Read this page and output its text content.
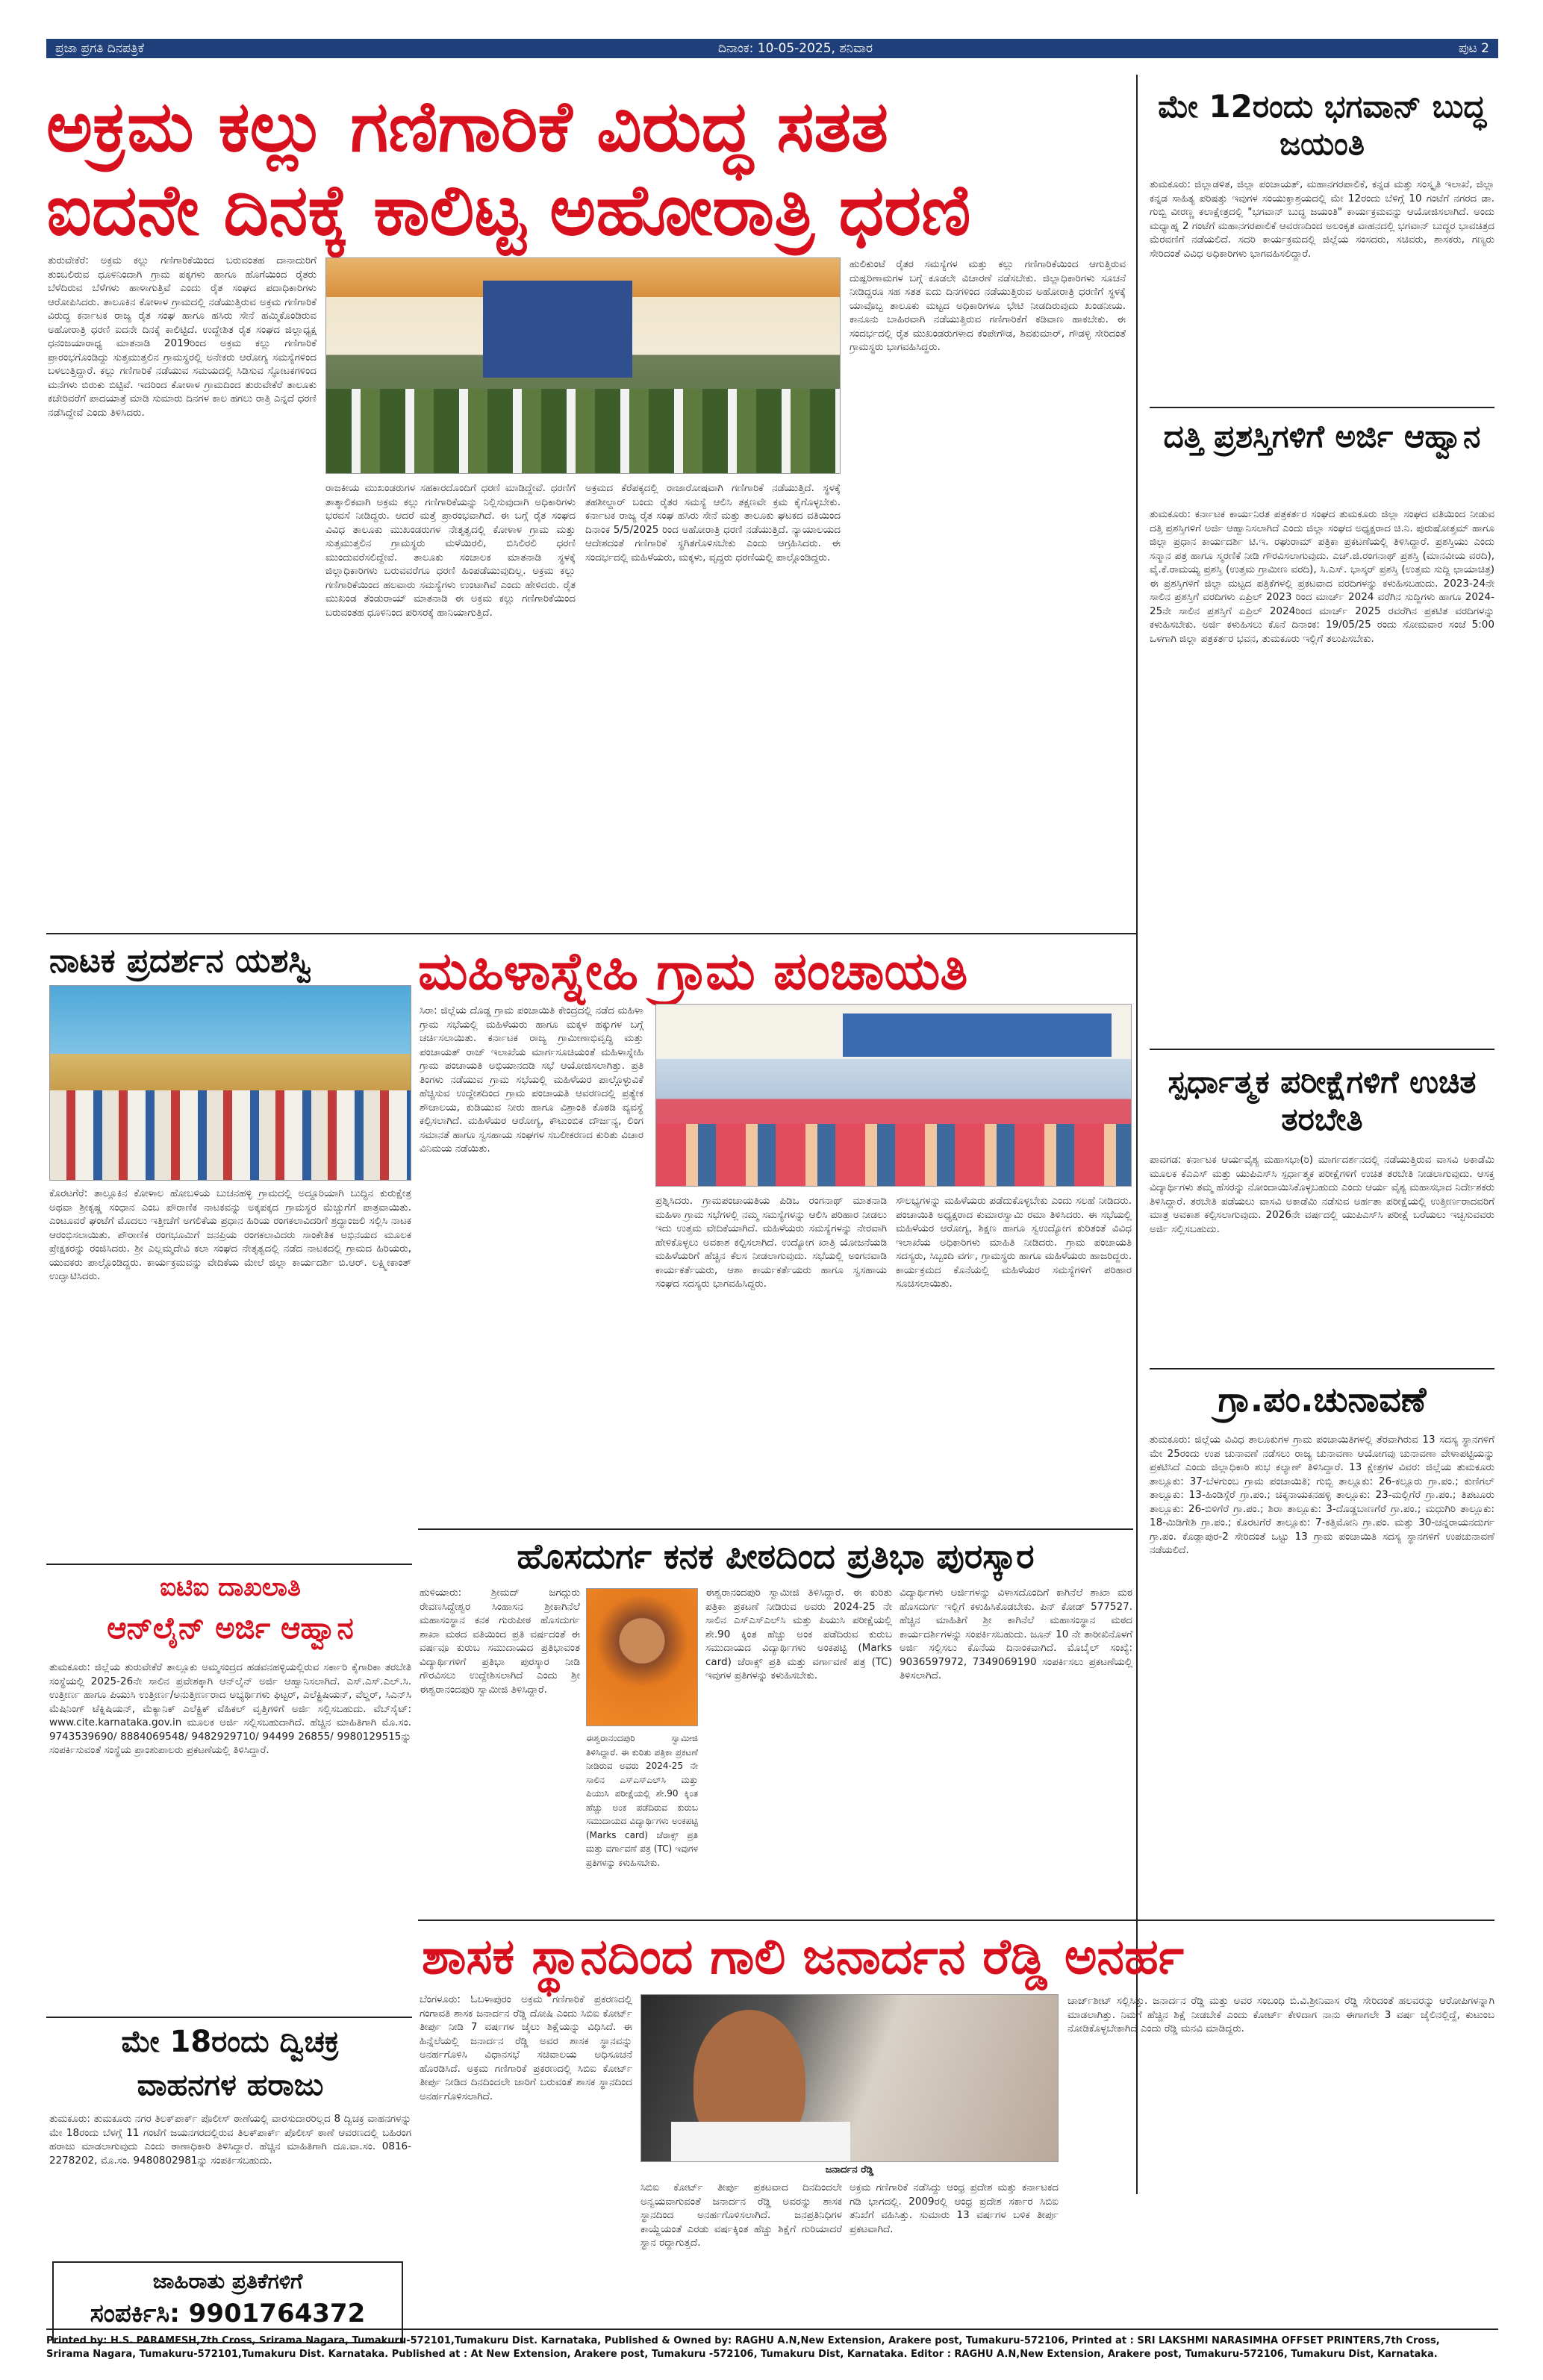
ಪ್ರಜಾ ಪ್ರಗತಿ ದಿನಪತ್ರಿಕೆ	ದಿನಾಂಕ: 10-05-2025, ಶನಿವಾರ	ಪುಟ 2
ಅಕ್ರಮ ಕಲ್ಲು ಗಣಿಗಾರಿಕೆ ವಿರುದ್ಧ ಸತತ
ಐದನೇ ದಿನಕ್ಕೆ ಕಾಲಿಟ್ಟ ಅಹೋರಾತ್ರಿ ಧರಣಿ
ತುರುವೇಕೆರೆ: ಅಕ್ರಮ ಕಲ್ಲು ಗಣಿಗಾರಿಕೆಯಿಂದ ಬರುವಂತಹ ದಾನಾದುರಿಗೆ ತುಂಬಲಿರುವ ಧೂಳಿನಿಂದಾಗಿ ಗ್ರಾಮ ಪಕ್ಕಗಳು ಹಾಗೂ ಹೊಗೆಯಿಂದ ರೈತರು ಬೆಳೆದಿರುವ ಬೆಳೆಗಳು ಹಾಳಾಗುತ್ತಿವೆ ಎಂದು ರೈತ ಸಂಘದ ಪದಾಧಿಕಾರಿಗಳು ಆರೋಪಿಸಿದರು. ತಾಲೂಕಿನ ಕೋಳಾಳ ಗ್ರಾಮದಲ್ಲಿ ನಡೆಯುತ್ತಿರುವ ಅಕ್ರಮ ಗಣಿಗಾರಿಕೆ ವಿರುದ್ಧ ಕರ್ನಾಟಕ ರಾಜ್ಯ ರೈತ ಸಂಘ ಹಾಗೂ ಹಸಿರು ಸೇನೆ ಹಮ್ಮಿಕೊಂಡಿರುವ ಅಹೋರಾತ್ರಿ ಧರಣಿ ಐದನೇ ದಿನಕ್ಕೆ ಕಾಲಿಟ್ಟಿದೆ. ಉದ್ದೇಶಿತ ರೈತ ಸಂಘದ ಜಿಲ್ಲಾಧ್ಯಕ್ಷ ಧನಂಜಯಾರಾಧ್ಯ ಮಾತನಾಡಿ 2019ರಿಂದ ಅಕ್ರಮ ಕಲ್ಲು ಗಣಿಗಾರಿಕೆ ಪ್ರಾರಂಭಗೊಂಡಿದ್ದು ಸುತ್ತಮುತ್ತಲಿನ ಗ್ರಾಮಸ್ಥರಲ್ಲಿ ಅನೇಕರು ಆರೋಗ್ಯ ಸಮಸ್ಯೆಗಳಿಂದ ಬಳಲುತ್ತಿದ್ದಾರೆ. ಕಲ್ಲು ಗಣಿಗಾರಿಕೆ ನಡೆಯುವ ಸಮಯದಲ್ಲಿ ಸಿಡಿಸುವ ಸ್ಫೋಟಕಗಳಿಂದ ಮನೆಗಳು ಬಿರುಕು ಬಿಟ್ಟಿವೆ. ಇದರಿಂದ ಕೋಳಾಳ ಗ್ರಾಮದಿಂದ ತುರುವೇಕೆರೆ ತಾಲೂಕು ಕಚೇರಿವರೆಗೆ ಪಾದಯಾತ್ರೆ ಮಾಡಿ ಸುಮಾರು ದಿನಗಳ ಕಾಲ ಹಗಲು ರಾತ್ರಿ ಎನ್ನದೆ ಧರಣಿ ನಡೆಸಿದ್ದೇವೆ ಎಂದು ತಿಳಿಸಿದರು.
ರಾಜಕೀಯ ಮುಖಂಡರುಗಳ ಸಹಕಾರದೊಂದಿಗೆ ಧರಣಿ ಮಾಡಿದ್ದೇವೆ. ಧರಣಿಗೆ ತಾತ್ಕಾಲಿಕವಾಗಿ ಅಕ್ರಮ ಕಲ್ಲು ಗಣಿಗಾರಿಕೆಯನ್ನು ನಿಲ್ಲಿಸುವುದಾಗಿ ಅಧಿಕಾರಿಗಳು ಭರವಸೆ ನೀಡಿದ್ದರು. ಆದರೆ ಮತ್ತೆ ಪ್ರಾರಂಭವಾಗಿದೆ. ಈ ಬಗ್ಗೆ ರೈತ ಸಂಘದ ವಿವಿಧ ತಾಲೂಕು ಮುಖಂಡರುಗಳ ನೇತೃತ್ವದಲ್ಲಿ ಕೋಳಾಳ ಗ್ರಾಮ ಮತ್ತು ಸುತ್ತಮುತ್ತಲಿನ ಗ್ರಾಮಸ್ಥರು ಮಳೆಯಿರಲಿ, ಬಿಸಿಲಿರಲಿ ಧರಣಿ ಮುಂದುವರೆಸಲಿದ್ದೇವೆ. ತಾಲೂಕು ಸಂಚಾಲಕ ಮಾತನಾಡಿ ಸ್ಥಳಕ್ಕೆ ಜಿಲ್ಲಾಧಿಕಾರಿಗಳು ಬರುವವರೆಗೂ ಧರಣಿ ಹಿಂಪಡೆಯುವುದಿಲ್ಲ. ಅಕ್ರಮ ಕಲ್ಲು ಗಣಿಗಾರಿಕೆಯಿಂದ ಹಲವಾರು ಸಮಸ್ಯೆಗಳು ಉಂಟಾಗಿವೆ ಎಂದು ಹೇಳಿದರು. ರೈತ ಮುಖಂಡ ತೆಂಡುರಾಯ್ ಮಾತನಾಡಿ ಈ ಅಕ್ರಮ ಕಲ್ಲು ಗಣಿಗಾರಿಕೆಯಿಂದ ಬರುವಂತಹ ಧೂಳಿನಿಂದ ಪರಿಸರಕ್ಕೆ ಹಾನಿಯಾಗುತ್ತಿದೆ.
ಅಕ್ರಮದ ಕೆರೆಪಕ್ಕದಲ್ಲಿ ರಾಜಾರೋಷವಾಗಿ ಗಣಿಗಾರಿಕೆ ನಡೆಯುತ್ತಿದೆ. ಸ್ಥಳಕ್ಕೆ ತಹಶೀಲ್ದಾರ್ ಬಂದು ರೈತರ ಸಮಸ್ಯೆ ಆಲಿಸಿ ತಕ್ಷಣವೇ ಕ್ರಮ ಕೈಗೊಳ್ಳಬೇಕು. ಕರ್ನಾಟಕ ರಾಜ್ಯ ರೈತ ಸಂಘ ಹಸಿರು ಸೇನೆ ಮತ್ತು ತಾಲೂಕು ಘಟಕದ ವತಿಯಿಂದ ದಿನಾಂಕ 5/5/2025 ರಿಂದ ಅಹೋರಾತ್ರಿ ಧರಣಿ ನಡೆಯುತ್ತಿದೆ. ನ್ಯಾಯಾಲಯದ ಆದೇಶದಂತೆ ಗಣಿಗಾರಿಕೆ ಸ್ಥಗಿತಗೊಳಿಸಬೇಕು ಎಂದು ಆಗ್ರಹಿಸಿದರು. ಈ ಸಂದರ್ಭದಲ್ಲಿ ಮಹಿಳೆಯರು, ಮಕ್ಕಳು, ವೃದ್ಧರು ಧರಣಿಯಲ್ಲಿ ಪಾಲ್ಗೊಂಡಿದ್ದರು.
ಹುಲಿಕುಂಟೆ ರೈತರ ಸಮಸ್ಯೆಗಳ ಮತ್ತು ಕಲ್ಲು ಗಣಿಗಾರಿಕೆಯಿಂದ ಆಗುತ್ತಿರುವ ದುಷ್ಪರಿಣಾಮಗಳ ಬಗ್ಗೆ ಕೂಡಲೇ ವಿಚಾರಣೆ ನಡೆಸಬೇಕು. ಜಿಲ್ಲಾಧಿಕಾರಿಗಳು ಸೂಚನೆ ನೀಡಿದ್ದರೂ ಸಹ ಸತತ ಐದು ದಿನಗಳಿಂದ ನಡೆಯುತ್ತಿರುವ ಅಹೋರಾತ್ರಿ ಧರಣಿಗೆ ಸ್ಥಳಕ್ಕೆ ಯಾವೊಬ್ಬ ತಾಲೂಕು ಮಟ್ಟದ ಅಧಿಕಾರಿಗಳೂ ಭೇಟಿ ನೀಡದಿರುವುದು ಖಂಡನೀಯ. ಕಾನೂನು ಬಾಹಿರವಾಗಿ ನಡೆಯುತ್ತಿರುವ ಗಣಿಗಾರಿಕೆಗೆ ಕಡಿವಾಣ ಹಾಕಬೇಕು. ಈ ಸಂದರ್ಭದಲ್ಲಿ ರೈತ ಮುಖಂಡರುಗಳಾದ ಕೆಂಪೇಗೌಡ, ಶಿವಕುಮಾರ್, ಗೌಡಳ್ಳಿ ಸೇರಿದಂತೆ ಗ್ರಾಮಸ್ಥರು ಭಾಗವಹಿಸಿದ್ದರು.
ಮೇ 12ರಂದು ಭಗವಾನ್ ಬುದ್ಧ ಜಯಂತಿ
ತುಮಕೂರು: ಜಿಲ್ಲಾಡಳಿತ, ಜಿಲ್ಲಾ ಪಂಚಾಯತ್, ಮಹಾನಗರಪಾಲಿಕೆ, ಕನ್ನಡ ಮತ್ತು ಸಂಸ್ಕೃತಿ ಇಲಾಖೆ, ಜಿಲ್ಲಾ ಕನ್ನಡ ಸಾಹಿತ್ಯ ಪರಿಷತ್ತು ಇವುಗಳ ಸಂಯುಕ್ತಾಶ್ರಯದಲ್ಲಿ ಮೇ 12ರಂದು ಬೆಳಿಗ್ಗೆ 10 ಗಂಟೆಗೆ ನಗರದ ಡಾ. ಗುಬ್ಬಿ ವೀರಣ್ಣ ಕಲಾಕ್ಷೇತ್ರದಲ್ಲಿ "ಭಗವಾನ್ ಬುದ್ಧ ಜಯಂತಿ" ಕಾರ್ಯಕ್ರಮವನ್ನು ಆಯೋಜಿಸಲಾಗಿದೆ. ಅಂದು ಮಧ್ಯಾಹ್ನ 2 ಗಂಟೆಗೆ ಮಹಾನಗರಪಾಲಿಕೆ ಆವರಣದಿಂದ ಅಲಂಕೃತ ವಾಹನದಲ್ಲಿ ಭಗವಾನ್ ಬುದ್ಧರ ಭಾವಚಿತ್ರದ ಮೆರವಣಿಗೆ ನಡೆಯಲಿದೆ. ಸದರಿ ಕಾರ್ಯಕ್ರಮದಲ್ಲಿ ಜಿಲ್ಲೆಯ ಸಂಸದರು, ಸಚಿವರು, ಶಾಸಕರು, ಗಣ್ಯರು ಸೇರಿದಂತೆ ವಿವಿಧ ಅಧಿಕಾರಿಗಳು ಭಾಗವಹಿಸಲಿದ್ದಾರೆ.
ದತ್ತಿ ಪ್ರಶಸ್ತಿಗಳಿಗೆ ಅರ್ಜಿ ಆಹ್ವಾನ
ತುಮಕೂರು: ಕರ್ನಾಟಕ ಕಾರ್ಯನಿರತ ಪತ್ರಕರ್ತರ ಸಂಘದ ತುಮಕೂರು ಜಿಲ್ಲಾ ಸಂಘದ ವತಿಯಿಂದ ನೀಡುವ ದತ್ತಿ ಪ್ರಶಸ್ತಿಗಳಿಗೆ ಅರ್ಜಿ ಆಹ್ವಾನಿಸಲಾಗಿದೆ ಎಂದು ಜಿಲ್ಲಾ ಸಂಘದ ಅಧ್ಯಕ್ಷರಾದ ಚಿ.ನಿ. ಪುರುಷೋತ್ತಮ್ ಹಾಗೂ ಜಿಲ್ಲಾ ಪ್ರಧಾನ ಕಾರ್ಯದರ್ಶಿ ಟಿ.ಇ. ರಘುರಾಮ್ ಪತ್ರಿಕಾ ಪ್ರಕಟಣೆಯಲ್ಲಿ ತಿಳಿಸಿದ್ದಾರೆ. ಪ್ರಶಸ್ತಿಯು ಎಂದು ಸನ್ಮಾನ ಪತ್ರ ಹಾಗೂ ಸ್ಮರಣಿಕೆ ನೀಡಿ ಗೌರವಿಸಲಾಗುವುದು. ಎಚ್.ಜಿ.ರಂಗನಾಥ್ ಪ್ರಶಸ್ತಿ (ಮಾನವೀಯ ವರದಿ), ವೈ.ಕೆ.ರಾಮಯ್ಯ ಪ್ರಶಸ್ತಿ (ಉತ್ತಮ ಗ್ರಾಮೀಣ ವರದಿ), ಸಿ.ಎಸ್. ಭಾಸ್ಕರ್ ಪ್ರಶಸ್ತಿ (ಉತ್ತಮ ಸುದ್ದಿ ಛಾಯಾಚಿತ್ರ) ಈ ಪ್ರಶಸ್ತಿಗಳಿಗೆ ಜಿಲ್ಲಾ ಮಟ್ಟದ ಪತ್ರಿಕೆಗಳಲ್ಲಿ ಪ್ರಕಟವಾದ ವರದಿಗಳನ್ನು ಕಳುಹಿಸಬಹುದು. 2023-24ನೇ ಸಾಲಿನ ಪ್ರಶಸ್ತಿಗೆ ವರದಿಗಳು ಏಪ್ರಿಲ್ 2023 ರಿಂದ ಮಾರ್ಚ್ 2024 ವರೆಗಿನ ಸುದ್ದಿಗಳು ಹಾಗೂ 2024-25ನೇ ಸಾಲಿನ ಪ್ರಶಸ್ತಿಗೆ ಏಪ್ರಿಲ್ 2024ರಿಂದ ಮಾರ್ಚ್ 2025 ರವರೆಗಿನ ಪ್ರಕಟಿತ ವರದಿಗಳನ್ನು ಕಳುಹಿಸಬೇಕು. ಅರ್ಜಿ ಕಳುಹಿಸಲು ಕೊನೆ ದಿನಾಂಕ: 19/05/25 ರಂದು ಸೋಮವಾರ ಸಂಜೆ 5:00 ಒಳಗಾಗಿ ಜಿಲ್ಲಾ ಪತ್ರಕರ್ತರ ಭವನ, ತುಮಕೂರು ಇಲ್ಲಿಗೆ ತಲುಪಿಸಬೇಕು.
ಸ್ಪರ್ಧಾತ್ಮಕ ಪರೀಕ್ಷೆಗಳಿಗೆ ಉಚಿತ ತರಬೇತಿ
ಪಾವಗಡ: ಕರ್ನಾಟಕ ಆರ್ಯವೈಶ್ಯ ಮಹಾಸಭಾ(ರಿ) ಮಾರ್ಗದರ್ಶನದಲ್ಲಿ ನಡೆಯುತ್ತಿರುವ ವಾಸವಿ ಅಕಾಡೆಮಿ ಮೂಲಕ ಕೆಎಎಸ್ ಮತ್ತು ಯುಪಿಎಸ್‌ಸಿ ಸ್ಪರ್ಧಾತ್ಮಕ ಪರೀಕ್ಷೆಗಳಿಗೆ ಉಚಿತ ತರಬೇತಿ ನೀಡಲಾಗುವುದು. ಆಸಕ್ತ ವಿದ್ಯಾರ್ಥಿಗಳು ತಮ್ಮ ಹೆಸರನ್ನು ನೋಂದಾಯಿಸಿಕೊಳ್ಳಬಹುದು ಎಂದು ಆರ್ಯ ವೈಶ್ಯ ಮಹಾಸಭಾದ ನಿರ್ದೇಶಕರು ತಿಳಿಸಿದ್ದಾರೆ. ತರಬೇತಿ ಪಡೆಯಲು ವಾಸವಿ ಅಕಾಡೆಮಿ ನಡೆಸುವ ಅರ್ಹತಾ ಪರೀಕ್ಷೆಯಲ್ಲಿ ಉತ್ತೀರ್ಣರಾದವರಿಗೆ ಮಾತ್ರ ಅವಕಾಶ ಕಲ್ಪಿಸಲಾಗುವುದು. 2026ನೇ ವರ್ಷದಲ್ಲಿ ಯುಪಿಎಸ್‌ಸಿ ಪರೀಕ್ಷೆ ಬರೆಯಲು ಇಚ್ಛಿಸುವವರು ಅರ್ಜಿ ಸಲ್ಲಿಸಬಹುದು.
ಗ್ರಾ.ಪಂ.ಚುನಾವಣೆ
ತುಮಕೂರು: ಜಿಲ್ಲೆಯ ವಿವಿಧ ತಾಲೂಕುಗಳ ಗ್ರಾಮ ಪಂಚಾಯಿತಿಗಳಲ್ಲಿ ತೆರವಾಗಿರುವ 13 ಸದಸ್ಯ ಸ್ಥಾನಗಳಿಗೆ ಮೇ 25ರಂದು ಉಪ ಚುನಾವಣೆ ನಡೆಸಲು ರಾಜ್ಯ ಚುನಾವಣಾ ಆಯೋಗವು ಚುನಾವಣಾ ವೇಳಾಪಟ್ಟಿಯನ್ನು ಪ್ರಕಟಿಸಿದೆ ಎಂದು ಜಿಲ್ಲಾಧಿಕಾರಿ ಶುಭ ಕಲ್ಯಾಣ್ ತಿಳಿಸಿದ್ದಾರೆ. 13 ಕ್ಷೇತ್ರಗಳ ವಿವರ: ಜಿಲ್ಲೆಯ ತುಮಕೂರು ತಾಲ್ಲೂಕು: 37-ಬೆಳಗುಂಬ ಗ್ರಾಮ ಪಂಚಾಯಿತಿ; ಗುಬ್ಬಿ ತಾಲ್ಲೂಕು: 26-ಕಲ್ಲೂರು ಗ್ರಾ.ಪಂ.; ಕುಣಿಗಲ್ ತಾಲ್ಲೂಕು: 13-ಹಿಂಡಿಸ್ಗೆರೆ ಗ್ರಾ.ಪಂ.; ಚಿಕ್ಕನಾಯಕನಹಳ್ಳಿ ತಾಲ್ಲೂಕು: 23-ಮಲ್ಲಿಗೆರೆ ಗ್ರಾ.ಪಂ.; ತಿಪಟೂರು ತಾಲ್ಲೂಕು: 26-ಬಿಳಿಗೆರೆ ಗ್ರಾ.ಪಂ.; ಶಿರಾ ತಾಲ್ಲೂಕು: 3-ದೊಡ್ಡಬಾಣಗೆರೆ ಗ್ರಾ.ಪಂ.; ಮಧುಗಿರಿ ತಾಲ್ಲೂಕು: 18-ಮಿಡಿಗೇಶಿ ಗ್ರಾ.ಪಂ.; ಕೊರಟಗೆರೆ ತಾಲ್ಲೂಕು: 7-ಕತ್ತಿಮೋನಿ ಗ್ರಾ.ಪಂ. ಮತ್ತು 30-ಚನ್ನರಾಯನದುರ್ಗ ಗ್ರಾ.ಪಂ. ಕೊಡ್ಲಾಪುರ-2 ಸೇರಿದಂತೆ ಒಟ್ಟು 13 ಗ್ರಾಮ ಪಂಚಾಯಿತಿ ಸದಸ್ಯ ಸ್ಥಾನಗಳಿಗೆ ಉಪಚುನಾವಣೆ ನಡೆಯಲಿದೆ.
ನಾಟಕ ಪ್ರದರ್ಶನ ಯಶಸ್ವಿ
ಕೊರಟಗೆರೆ: ತಾಲ್ಲೂಕಿನ ಕೋಳಾಲ ಹೋಬಳಿಯ ಬುಚನಹಳ್ಳಿ ಗ್ರಾಮದಲ್ಲಿ ಅದ್ದೂರಿಯಾಗಿ ಬುದ್ಧಿನ ಕುರುಕ್ಷೇತ್ರ ಅಥವಾ ಶ್ರೀಕೃಷ್ಣ ಸಂಧಾನ ಎಂಬ ಪೌರಾಣಿಕ ನಾಟಕವನ್ನು ಅಕ್ಕಪಕ್ಕದ ಗ್ರಾಮಸ್ಥರ ಮೆಚ್ಚುಗೆಗೆ ಪಾತ್ರವಾಯಿತು. ಎಂಟೂವರೆ ಘಂಟೆಗೆ ಮೊದಲು ಇತ್ತೀಚೆಗೆ ಅಗಲಿಕೆಯ ಪ್ರಧಾನ ಹಿರಿಯ ರಂಗಕಲಾವಿದರಿಗೆ ಶ್ರದ್ಧಾಂಜಲಿ ಸಲ್ಲಿಸಿ ನಾಟಕ ಆರಂಭಿಸಲಾಯಿತು. ಪೌರಾಣಿಕ ರಂಗಭೂಮಿಗೆ ಜನಪ್ರಿಯ ರಂಗಕಲಾವಿದರು ಸಾಂಕೇತಿಕ ಅಭಿನಯದ ಮೂಲಕ ಪ್ರೇಕ್ಷಕರನ್ನು ರಂಜಿಸಿದರು. ಶ್ರೀ ಎಲ್ಲಮ್ಮದೇವಿ ಕಲಾ ಸಂಘದ ನೇತೃತ್ವದಲ್ಲಿ ನಡೆದ ನಾಟಕದಲ್ಲಿ ಗ್ರಾಮದ ಹಿರಿಯರು, ಯುವಕರು ಪಾಲ್ಗೊಂಡಿದ್ದರು. ಕಾರ್ಯಕ್ರಮವನ್ನು ವೇದಿಕೆಯ ಮೇಲೆ ಜಿಲ್ಲಾ ಕಾರ್ಯದರ್ಶಿ ಬಿ.ಆರ್. ಲಕ್ಷ್ಮೀಕಾಂತ್ ಉದ್ಘಾಟಿಸಿದರು.
ಐಟಿಐ ದಾಖಲಾತಿ
ಆನ್‌ಲೈನ್ ಅರ್ಜಿ ಆಹ್ವಾನ
ತುಮಕೂರು: ಜಿಲ್ಲೆಯ ತುರುವೇಕೆರೆ ತಾಲ್ಲೂಕು ಅಮ್ಮಸಂದ್ರದ ಹಡವನಹಳ್ಳಿಯಲ್ಲಿರುವ ಸರ್ಕಾರಿ ಕೈಗಾರಿಕಾ ತರಬೇತಿ ಸಂಸ್ಥೆಯಲ್ಲಿ 2025-26ನೇ ಸಾಲಿನ ಪ್ರವೇಶಕ್ಕಾಗಿ ಆನ್‌ಲೈನ್ ಅರ್ಜಿ ಆಹ್ವಾನಿಸಲಾಗಿದೆ. ಎಸ್.ಎಸ್.ಎಲ್.ಸಿ. ಉತ್ತೀರ್ಣ ಹಾಗೂ ಪಿಯುಸಿ ಉತ್ತೀರ್ಣ/ಅನುತ್ತೀರ್ಣರಾದ ಅಭ್ಯರ್ಥಿಗಳು ಫಿಟ್ಟರ್, ಎಲೆಕ್ಟ್ರಿಷಿಯನ್, ವೆಲ್ಡರ್, ಸಿಎನ್‌ಸಿ ಮೆಷಿನಿಂಗ್ ಟೆಕ್ನಿಷಿಯನ್, ಮೆಕ್ಯಾನಿಕ್ ಎಲೆಕ್ಟ್ರಿಕ್ ವೆಹಿಕಲ್ ವೃತ್ತಿಗಳಿಗೆ ಅರ್ಜಿ ಸಲ್ಲಿಸಬಹುದು. ವೆಬ್‌ಸೈಟ್: www.cite.karnataka.gov.in ಮೂಲಕ ಅರ್ಜಿ ಸಲ್ಲಿಸಬಹುದಾಗಿದೆ. ಹೆಚ್ಚಿನ ಮಾಹಿತಿಗಾಗಿ ಮೊ.ಸಂ. 9743539690/ 8884069548/ 9482929710/ 94499 26855/ 9980129515ನ್ನು ಸಂಪರ್ಕಿಸುವಂತೆ ಸಂಸ್ಥೆಯ ಪ್ರಾಂಶುಪಾಲರು ಪ್ರಕಟಣೆಯಲ್ಲಿ ತಿಳಿಸಿದ್ದಾರೆ.
ಮೇ 18ರಂದು ದ್ವಿಚಕ್ರ
ವಾಹನಗಳ ಹರಾಜು
ತುಮಕೂರು: ತುಮಕೂರು ನಗರ ತಿಲಕ್‌ಪಾರ್ಕ್ ಪೊಲೀಸ್ ಠಾಣೆಯಲ್ಲಿ ವಾರಸುದಾರರಿಲ್ಲದ 8 ದ್ವಿಚಕ್ರ ವಾಹನಗಳನ್ನು ಮೇ 18ರಂದು ಬೆಳಗ್ಗೆ 11 ಗಂಟೆಗೆ ಜಯನಗರದಲ್ಲಿರುವ ತಿಲಕ್‌ಪಾರ್ಕ್ ಪೊಲೀಸ್ ಠಾಣೆ ಆವರಣದಲ್ಲಿ ಬಹಿರಂಗ ಹರಾಜು ಮಾಡಲಾಗುವುದು ಎಂದು ಠಾಣಾಧಿಕಾರಿ ತಿಳಿಸಿದ್ದಾರೆ. ಹೆಚ್ಚಿನ ಮಾಹಿತಿಗಾಗಿ ದೂ.ವಾ.ಸಂ. 0816-2278202, ಮೊ.ಸಂ. 9480802981ನ್ನು ಸಂಪರ್ಕಿಸಬಹುದು.
ಜಾಹಿರಾತು ಪ್ರತಿಕೆಗಳಿಗೆ
ಸಂಪರ್ಕಿಸಿ: 9901764372
ಮಹಿಳಾಸ್ನೇಹಿ ಗ್ರಾಮ ಪಂಚಾಯತಿ
ಸಿರಾ: ಜಿಲ್ಲೆಯ ದೊಡ್ಡ ಗ್ರಾಮ ಪಂಚಾಯಿತಿ ಕೇಂದ್ರದಲ್ಲಿ ನಡೆದ ಮಹಿಳಾ ಗ್ರಾಮ ಸಭೆಯಲ್ಲಿ ಮಹಿಳೆಯರು ಹಾಗೂ ಮಕ್ಕಳ ಹಕ್ಕುಗಳ ಬಗ್ಗೆ ಚರ್ಚಿಸಲಾಯಿತು. ಕರ್ನಾಟಕ ರಾಜ್ಯ ಗ್ರಾಮೀಣಾಭಿವೃದ್ಧಿ ಮತ್ತು ಪಂಚಾಯತ್ ರಾಜ್ ಇಲಾಖೆಯ ಮಾರ್ಗಸೂಚಿಯಂತೆ ಮಹಿಳಾಸ್ನೇಹಿ ಗ್ರಾಮ ಪಂಚಾಯತಿ ಅಭಿಯಾನದಡಿ ಸಭೆ ಆಯೋಜಿಸಲಾಗಿತ್ತು. ಪ್ರತಿ ತಿಂಗಳು ನಡೆಯುವ ಗ್ರಾಮ ಸಭೆಯಲ್ಲಿ ಮಹಿಳೆಯರ ಪಾಲ್ಗೊಳ್ಳುವಿಕೆ ಹೆಚ್ಚಿಸುವ ಉದ್ದೇಶದಿಂದ ಗ್ರಾಮ ಪಂಚಾಯತಿ ಆವರಣದಲ್ಲಿ ಪ್ರತ್ಯೇಕ ಶೌಚಾಲಯ, ಕುಡಿಯುವ ನೀರು ಹಾಗೂ ವಿಶ್ರಾಂತಿ ಕೊಠಡಿ ವ್ಯವಸ್ಥೆ ಕಲ್ಪಿಸಲಾಗಿದೆ. ಮಹಿಳೆಯರ ಆರೋಗ್ಯ, ಕೌಟುಂಬಿಕ ದೌರ್ಜನ್ಯ, ಲಿಂಗ ಸಮಾನತೆ ಹಾಗೂ ಸ್ವಸಹಾಯ ಸಂಘಗಳ ಸಬಲೀಕರಣದ ಕುರಿತು ವಿಚಾರ ವಿನಿಮಯ ನಡೆಯಿತು.
ಪ್ರಶ್ನಿಸಿದರು. ಗ್ರಾಮಪಂಚಾಯತಿಯ ಪಿಡಿಒ ರಂಗನಾಥ್ ಮಾತನಾಡಿ ಮಹಿಳಾ ಗ್ರಾಮ ಸಭೆಗಳಲ್ಲಿ ನಮ್ಮ ಸಮಸ್ಯೆಗಳನ್ನು ಆಲಿಸಿ ಪರಿಹಾರ ನೀಡಲು ಇದು ಉತ್ತಮ ವೇದಿಕೆಯಾಗಿದೆ. ಮಹಿಳೆಯರು ಸಮಸ್ಯೆಗಳನ್ನು ನೇರವಾಗಿ ಹೇಳಿಕೊಳ್ಳಲು ಅವಕಾಶ ಕಲ್ಪಿಸಲಾಗಿದೆ. ಉದ್ಯೋಗ ಖಾತ್ರಿ ಯೋಜನೆಯಡಿ ಮಹಿಳೆಯರಿಗೆ ಹೆಚ್ಚಿನ ಕೆಲಸ ನೀಡಲಾಗುವುದು. ಸಭೆಯಲ್ಲಿ ಅಂಗನವಾಡಿ ಕಾರ್ಯಕರ್ತೆಯರು, ಆಶಾ ಕಾರ್ಯಕರ್ತೆಯರು ಹಾಗೂ ಸ್ವಸಹಾಯ ಸಂಘದ ಸದಸ್ಯರು ಭಾಗವಹಿಸಿದ್ದರು.
ಸೌಲಭ್ಯಗಳನ್ನು ಮಹಿಳೆಯರು ಪಡೆದುಕೊಳ್ಳಬೇಕು ಎಂದು ಸಲಹೆ ನೀಡಿದರು. ಪಂಚಾಯಿತಿ ಅಧ್ಯಕ್ಷರಾದ ಕುಮಾರಸ್ವಾಮಿ ರಮಾ ತಿಳಿಸಿದರು. ಈ ಸಭೆಯಲ್ಲಿ ಮಹಿಳೆಯರ ಆರೋಗ್ಯ, ಶಿಕ್ಷಣ ಹಾಗೂ ಸ್ವಉದ್ಯೋಗ ಕುರಿತಂತೆ ವಿವಿಧ ಇಲಾಖೆಯ ಅಧಿಕಾರಿಗಳು ಮಾಹಿತಿ ನೀಡಿದರು. ಗ್ರಾಮ ಪಂಚಾಯತಿ ಸದಸ್ಯರು, ಸಿಬ್ಬಂದಿ ವರ್ಗ, ಗ್ರಾಮಸ್ಥರು ಹಾಗೂ ಮಹಿಳೆಯರು ಹಾಜರಿದ್ದರು. ಕಾರ್ಯಕ್ರಮದ ಕೊನೆಯಲ್ಲಿ ಮಹಿಳೆಯರ ಸಮಸ್ಯೆಗಳಿಗೆ ಪರಿಹಾರ ಸೂಚಿಸಲಾಯಿತು.
ಹೊಸದುರ್ಗ ಕನಕ ಪೀಠದಿಂದ ಪ್ರತಿಭಾ ಪುರಸ್ಕಾರ
ಹುಳಿಯಾರು: ಶ್ರೀಮದ್ ಜಗದ್ಗುರು ರೇವಣಸಿದ್ಧೇಶ್ವರ ಸಿಂಹಾಸನ ಶ್ರೀಕಾಗಿನೆಲೆ ಮಹಾಸಂಸ್ಥಾನ ಕನಕ ಗುರುಪೀಠ ಹೊಸದುರ್ಗ ಶಾಖಾ ಮಠದ ವತಿಯಿಂದ ಪ್ರತಿ ವರ್ಷದಂತೆ ಈ ವರ್ಷವೂ ಕುರುಬ ಸಮುದಾಯದ ಪ್ರತಿಭಾವಂತ ವಿದ್ಯಾರ್ಥಿಗಳಿಗೆ ಪ್ರತಿಭಾ ಪುರಸ್ಕಾರ ನೀಡಿ ಗೌರವಿಸಲು ಉದ್ದೇಶಿಸಲಾಗಿದೆ ಎಂದು ಶ್ರೀ ಈಶ್ವರಾನಂದಪುರಿ ಸ್ವಾಮೀಜಿ ತಿಳಿಸಿದ್ದಾರೆ.
ಈಶ್ವರಾನಂದಪುರಿ ಸ್ವಾಮೀಜಿ ತಿಳಿಸಿದ್ದಾರೆ. ಈ ಕುರಿತು ಪತ್ರಿಕಾ ಪ್ರಕಟಣೆ ನೀಡಿರುವ ಅವರು 2024-25 ನೇ ಸಾಲಿನ ಎಸ್‌ಎಸ್‌ಎಲ್‌ಸಿ ಮತ್ತು ಪಿಯುಸಿ ಪರೀಕ್ಷೆಯಲ್ಲಿ ಶೇ.90 ಕ್ಕಿಂತ ಹೆಚ್ಚು ಅಂಕ ಪಡೆದಿರುವ ಕುರುಬ ಸಮುದಾಯದ ವಿದ್ಯಾರ್ಥಿಗಳು ಅಂಕಪಟ್ಟಿ (Marks card) ಜೆರಾಕ್ಸ್ ಪ್ರತಿ ಮತ್ತು ವರ್ಗಾವಣೆ ಪತ್ರ (TC) ಇವುಗಳ ಪ್ರತಿಗಳನ್ನು ಕಳುಹಿಸಬೇಕು.
ಈಶ್ವರಾನಂದಪುರಿ ಸ್ವಾಮೀಜಿ ತಿಳಿಸಿದ್ದಾರೆ. ಈ ಕುರಿತು ಪತ್ರಿಕಾ ಪ್ರಕಟಣೆ ನೀಡಿರುವ ಅವರು 2024-25 ನೇ ಸಾಲಿನ ಎಸ್‌ಎಸ್‌ಎಲ್‌ಸಿ ಮತ್ತು ಪಿಯುಸಿ ಪರೀಕ್ಷೆಯಲ್ಲಿ ಶೇ.90 ಕ್ಕಿಂತ ಹೆಚ್ಚು ಅಂಕ ಪಡೆದಿರುವ ಕುರುಬ ಸಮುದಾಯದ ವಿದ್ಯಾರ್ಥಿಗಳು ಅಂಕಪಟ್ಟಿ (Marks card) ಜೆರಾಕ್ಸ್ ಪ್ರತಿ ಮತ್ತು ವರ್ಗಾವಣೆ ಪತ್ರ (TC) ಇವುಗಳ ಪ್ರತಿಗಳನ್ನು ಕಳುಹಿಸಬೇಕು.
ವಿದ್ಯಾರ್ಥಿಗಳು ಅರ್ಜಿಗಳನ್ನು ವಿಳಾಸದೊಂದಿಗೆ ಕಾಗಿನೆಲೆ ಶಾಖಾ ಮಠ ಹೊಸದುರ್ಗ ಇಲ್ಲಿಗೆ ಕಳುಹಿಸಿಕೊಡಬೇಕು. ಪಿನ್ ಕೋಡ್ 577527. ಹೆಚ್ಚಿನ ಮಾಹಿತಿಗೆ ಶ್ರೀ ಕಾಗಿನೆಲೆ ಮಹಾಸಂಸ್ಥಾನ ಮಠದ ಕಾರ್ಯದರ್ಶಿಗಳನ್ನು ಸಂಪರ್ಕಿಸಬಹುದು. ಜೂನ್ 10 ನೇ ತಾರೀಖಿನೊಳಗೆ ಅರ್ಜಿ ಸಲ್ಲಿಸಲು ಕೊನೆಯ ದಿನಾಂಕವಾಗಿದೆ. ಮೊಬೈಲ್ ಸಂಖ್ಯೆ: 9036597972, 7349069190 ಸಂಪರ್ಕಿಸಲು ಪ್ರಕಟಣೆಯಲ್ಲಿ ತಿಳಿಸಲಾಗಿದೆ.
ಶಾಸಕ ಸ್ಥಾನದಿಂದ ಗಾಲಿ ಜನಾರ್ದನ ರೆಡ್ಡಿ ಅನರ್ಹ
ಬೆಂಗಳೂರು: ಓಬಳಾಪುರಂ ಅಕ್ರಮ ಗಣಿಗಾರಿಕೆ ಪ್ರಕರಣದಲ್ಲಿ ಗಂಗಾವತಿ ಶಾಸಕ ಜನಾರ್ದನ ರೆಡ್ಡಿ ದೋಷಿ ಎಂದು ಸಿಬಿಐ ಕೋರ್ಟ್ ತೀರ್ಪು ನೀಡಿ 7 ವರ್ಷಗಳ ಜೈಲು ಶಿಕ್ಷೆಯನ್ನು ವಿಧಿಸಿದೆ. ಈ ಹಿನ್ನೆಲೆಯಲ್ಲಿ ಜನಾರ್ದನ ರೆಡ್ಡಿ ಅವರ ಶಾಸಕ ಸ್ಥಾನವನ್ನು ಅನರ್ಹಗೊಳಿಸಿ ವಿಧಾನಸಭೆ ಸಚಿವಾಲಯ ಅಧಿಸೂಚನೆ ಹೊರಡಿಸಿದೆ. ಅಕ್ರಮ ಗಣಿಗಾರಿಕೆ ಪ್ರಕರಣದಲ್ಲಿ ಸಿಬಿಐ ಕೋರ್ಟ್ ತೀರ್ಪು ನೀಡಿದ ದಿನದಿಂದಲೇ ಜಾರಿಗೆ ಬರುವಂತೆ ಶಾಸಕ ಸ್ಥಾನದಿಂದ ಅನರ್ಹಗೊಳಿಸಲಾಗಿದೆ.
ಜನಾರ್ದನ ರೆಡ್ಡಿ
ಸಿಬಿಐ ಕೋರ್ಟ್ ತೀರ್ಪು ಪ್ರಕಟವಾದ ದಿನದಿಂದಲೇ ಅನ್ವಯವಾಗುವಂತೆ ಜನಾರ್ದನ ರೆಡ್ಡಿ ಅವರನ್ನು ಶಾಸಕ ಸ್ಥಾನದಿಂದ ಅನರ್ಹಗೊಳಿಸಲಾಗಿದೆ. ಜನಪ್ರತಿನಿಧಿಗಳ ಕಾಯ್ದೆಯಂತೆ ಎರಡು ವರ್ಷಕ್ಕಿಂತ ಹೆಚ್ಚು ಶಿಕ್ಷೆಗೆ ಗುರಿಯಾದರೆ ಸ್ಥಾನ ರದ್ದಾಗುತ್ತದೆ.
ಅಕ್ರಮ ಗಣಿಗಾರಿಕೆ ನಡೆಸಿದ್ದು ಆಂಧ್ರ ಪ್ರದೇಶ ಮತ್ತು ಕರ್ನಾಟಕದ ಗಡಿ ಭಾಗದಲ್ಲಿ. 2009ರಲ್ಲಿ ಆಂಧ್ರ ಪ್ರದೇಶ ಸರ್ಕಾರ ಸಿಬಿಐ ತನಿಖೆಗೆ ವಹಿಸಿತ್ತು. ಸುಮಾರು 13 ವರ್ಷಗಳ ಬಳಿಕ ತೀರ್ಪು ಪ್ರಕಟವಾಗಿದೆ.
ಚಾರ್ಜ್‌ಶೀಟ್ ಸಲ್ಲಿಸಿತ್ತು. ಜನಾರ್ದನ ರೆಡ್ಡಿ ಮತ್ತು ಅವರ ಸಂಬಂಧಿ ಬಿ.ವಿ.ಶ್ರೀನಿವಾಸ ರೆಡ್ಡಿ ಸೇರಿದಂತೆ ಹಲವರನ್ನು ಆರೋಪಿಗಳನ್ನಾಗಿ ಮಾಡಲಾಗಿತ್ತು. ನಿಮಗೆ ಹೆಚ್ಚಿನ ಶಿಕ್ಷೆ ನೀಡಬೇಕೆ ಎಂದು ಕೋರ್ಟ್ ಕೇಳಿದಾಗ ನಾನು ಈಗಾಗಲೇ 3 ವರ್ಷ ಜೈಲಿನಲ್ಲಿದ್ದೆ, ಕುಟುಂಬ ನೋಡಿಕೊಳ್ಳಬೇಕಾಗಿದೆ ಎಂದು ರೆಡ್ಡಿ ಮನವಿ ಮಾಡಿದ್ದರು.
Printed by: H.S. PARAMESH,7th Cross, Srirama Nagara, Tumakuru-572101,Tumakuru Dist. Karnataka, Published & Owned by: RAGHU A.N,New Extension, Arakere post, Tumakuru-572106, Printed at : SRI LAKSHMI NARASIMHA OFFSET PRINTERS,7th Cross,
Srirama Nagara, Tumakuru-572101,Tumakuru Dist. Karnataka. Published at : At New Extension, Arakere post, Tumakuru -572106, Tumakuru Dist, Karnataka. Editor : RAGHU A.N,New Extension, Arakere post, Tumakuru-572106, Tumakuru Dist, Karnataka.
